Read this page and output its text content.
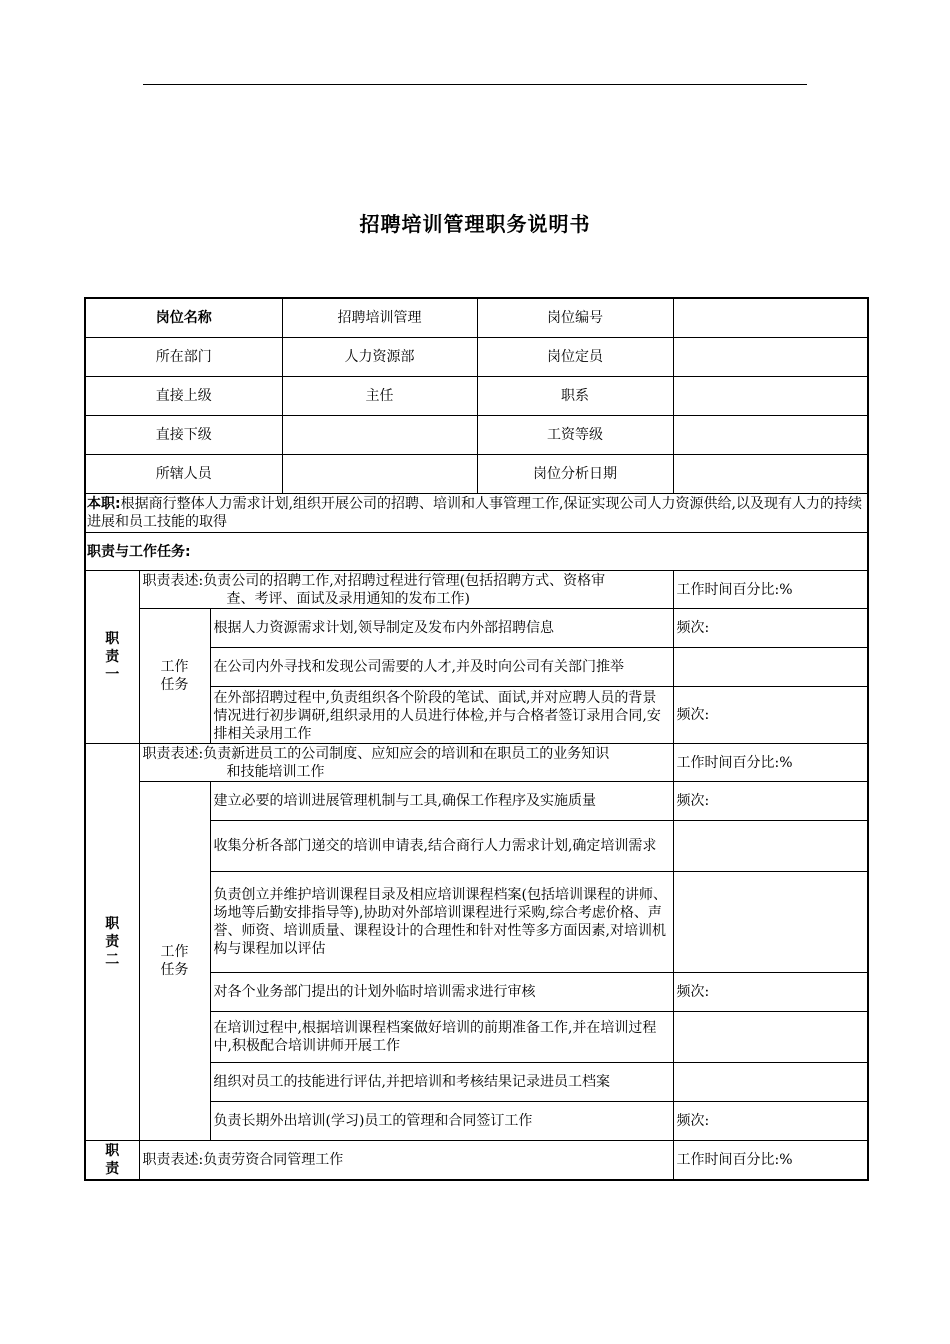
招聘培训管理职务说明书
岗位名称			招聘培训管理	岗位编号	
所在部门			人力资源部	岗位定员	
直接上级			主任	职系	
直接下级				工资等级	
所辖人员				岗位分析日期	
本职:根据商行整体人力需求计划,组织开展公司的招聘、培训和人事管理工作,保证实现公司人力资源供给,以及现有人力的持续进展和员工技能的取得					
职责与工作任务:					

职责一	职责表述:负责公司的招聘工作,对招聘过程进行管理(包括招聘方式、资格审
查、考评、面试及录用通知的发布工作)				工作时间百分比:%

	工作任务	根据人力资源需求计划,领导制定及发布内外部招聘信息			频次:
		在公司内外寻找和发现公司需要的人才,并及时向公司有关部门推举			
		在外部招聘过程中,负责组织各个阶段的笔试、面试,并对应聘人员的背景情况进行初步调研,组织录用的人员进行体检,并与合格者签订录用合同,安排相关录用工作			频次:

职责二	职责表述:负责新进员工的公司制度、应知应会的培训和在职员工的业务知识
和技能培训工作				工作时间百分比:%

	工作任务	建立必要的培训进展管理机制与工具,确保工作程序及实施质量			频次:
		收集分析各部门递交的培训申请表,结合商行人力需求计划,确定培训需求			
		负责创立并维护培训课程目录及相应培训课程档案(包括培训课程的讲师、场地等后勤安排指导等),协助对外部培训课程进行采购,综合考虑价格、声誉、师资、培训质量、课程设计的合理性和针对性等多方面因素,对培训机构与课程加以评估			
		对各个业务部门提出的计划外临时培训需求进行审核			频次:
		在培训过程中,根据培训课程档案做好培训的前期准备工作,并在培训过程中,积极配合培训讲师开展工作			
		组织对员工的技能进行评估,并把培训和考核结果记录进员工档案			
		负责长期外出培训(学习)员工的管理和合同签订工作			频次:

职责	职责表述:负责劳资合同管理工作				工作时间百分比:%
